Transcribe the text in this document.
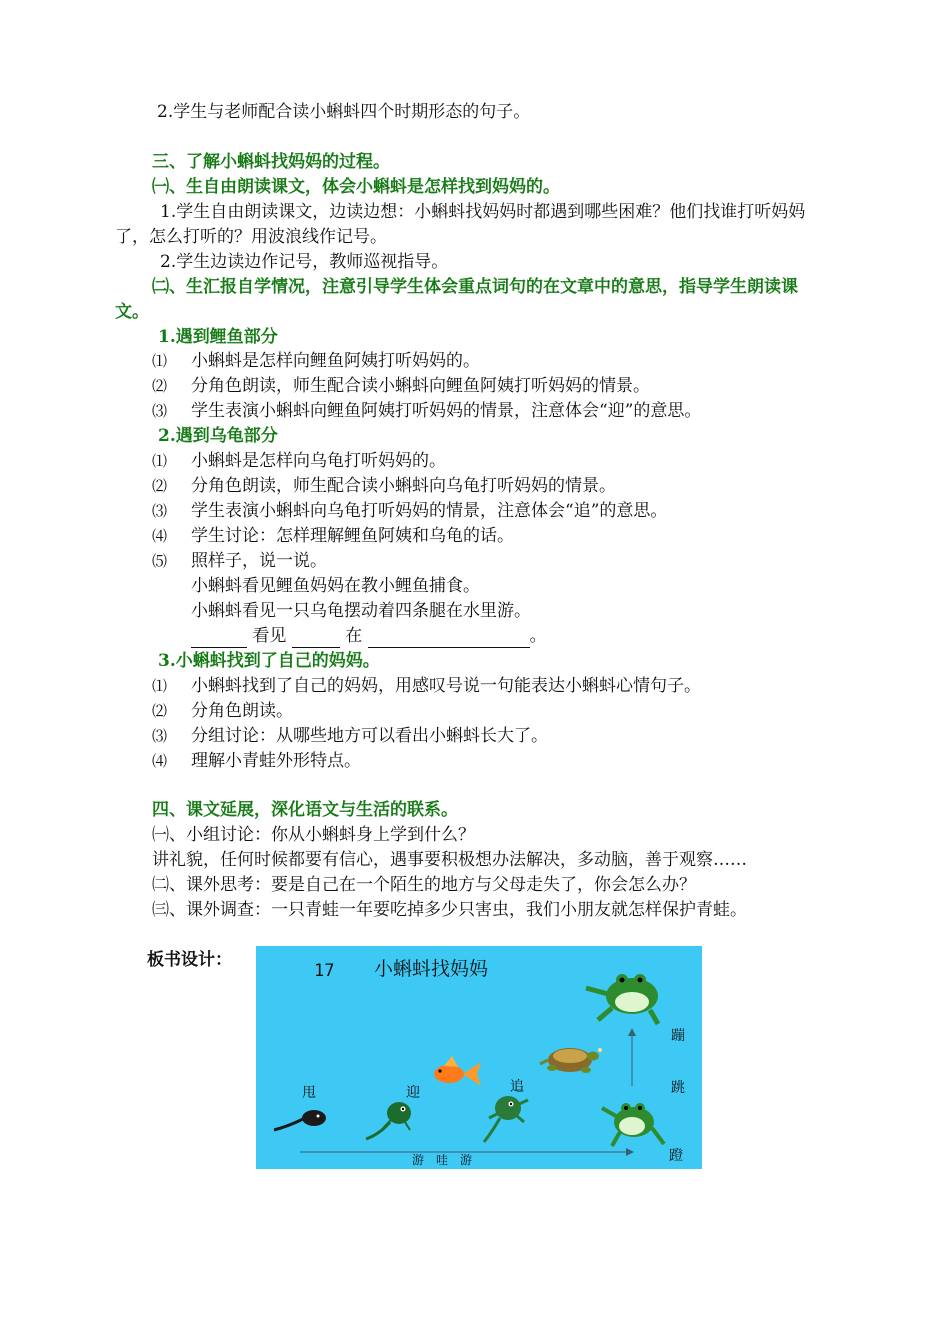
2.学生与老师配合读小蝌蚪四个时期形态的句子。
三、了解小蝌蚪找妈妈的过程。
㈠、生自由朗读课文，体会小蝌蚪是怎样找到妈妈的。
1.学生自由朗读课文，边读边想：小蝌蚪找妈妈时都遇到哪些困难？他们找谁打听妈妈
了，怎么打听的？用波浪线作记号。
2.学生边读边作记号，教师巡视指导。
㈡、生汇报自学情况，注意引导学生体会重点词句的在文章中的意思，指导学生朗读课
文。
1.遇到鲤鱼部分
⑴ 小蝌蚪是怎样向鲤鱼阿姨打听妈妈的。
⑵ 分角色朗读，师生配合读小蝌蚪向鲤鱼阿姨打听妈妈的情景。
⑶ 学生表演小蝌蚪向鲤鱼阿姨打听妈妈的情景，注意体会“迎”的意思。
2.遇到乌龟部分
⑴ 小蝌蚪是怎样向乌龟打听妈妈的。
⑵ 分角色朗读，师生配合读小蝌蚪向乌龟打听妈妈的情景。
⑶ 学生表演小蝌蚪向乌龟打听妈妈的情景，注意体会“追”的意思。
⑷ 学生讨论：怎样理解鲤鱼阿姨和乌龟的话。
⑸ 照样子，说一说。
小蝌蚪看见鲤鱼妈妈在教小鲤鱼捕食。
小蝌蚪看见一只乌龟摆动着四条腿在水里游。
看见	在	。
3.小蝌蚪找到了自己的妈妈。
⑴ 小蝌蚪找到了自己的妈妈，用感叹号说一句能表达小蝌蚪心情句子。
⑵ 分角色朗读。
⑶ 分组讨论：从哪些地方可以看出小蝌蚪长大了。
⑷ 理解小青蛙外形特点。
四、课文延展，深化语文与生活的联系。
㈠、小组讨论：你从小蝌蚪身上学到什么？
讲礼貌，任何时候都要有信心，遇事要积极想办法解决，多动脑，善于观察……
㈡、课外思考：要是自己在一个陌生的地方与父母走失了，你会怎么办？
㈢、课外调查：一只青蛙一年要吃掉多少只害虫，我们小朋友就怎样保护青蛙。
板书设计：
17 小蝌蚪找妈妈
甩	迎	追
蹦
跳
蹬
游　哇　游
